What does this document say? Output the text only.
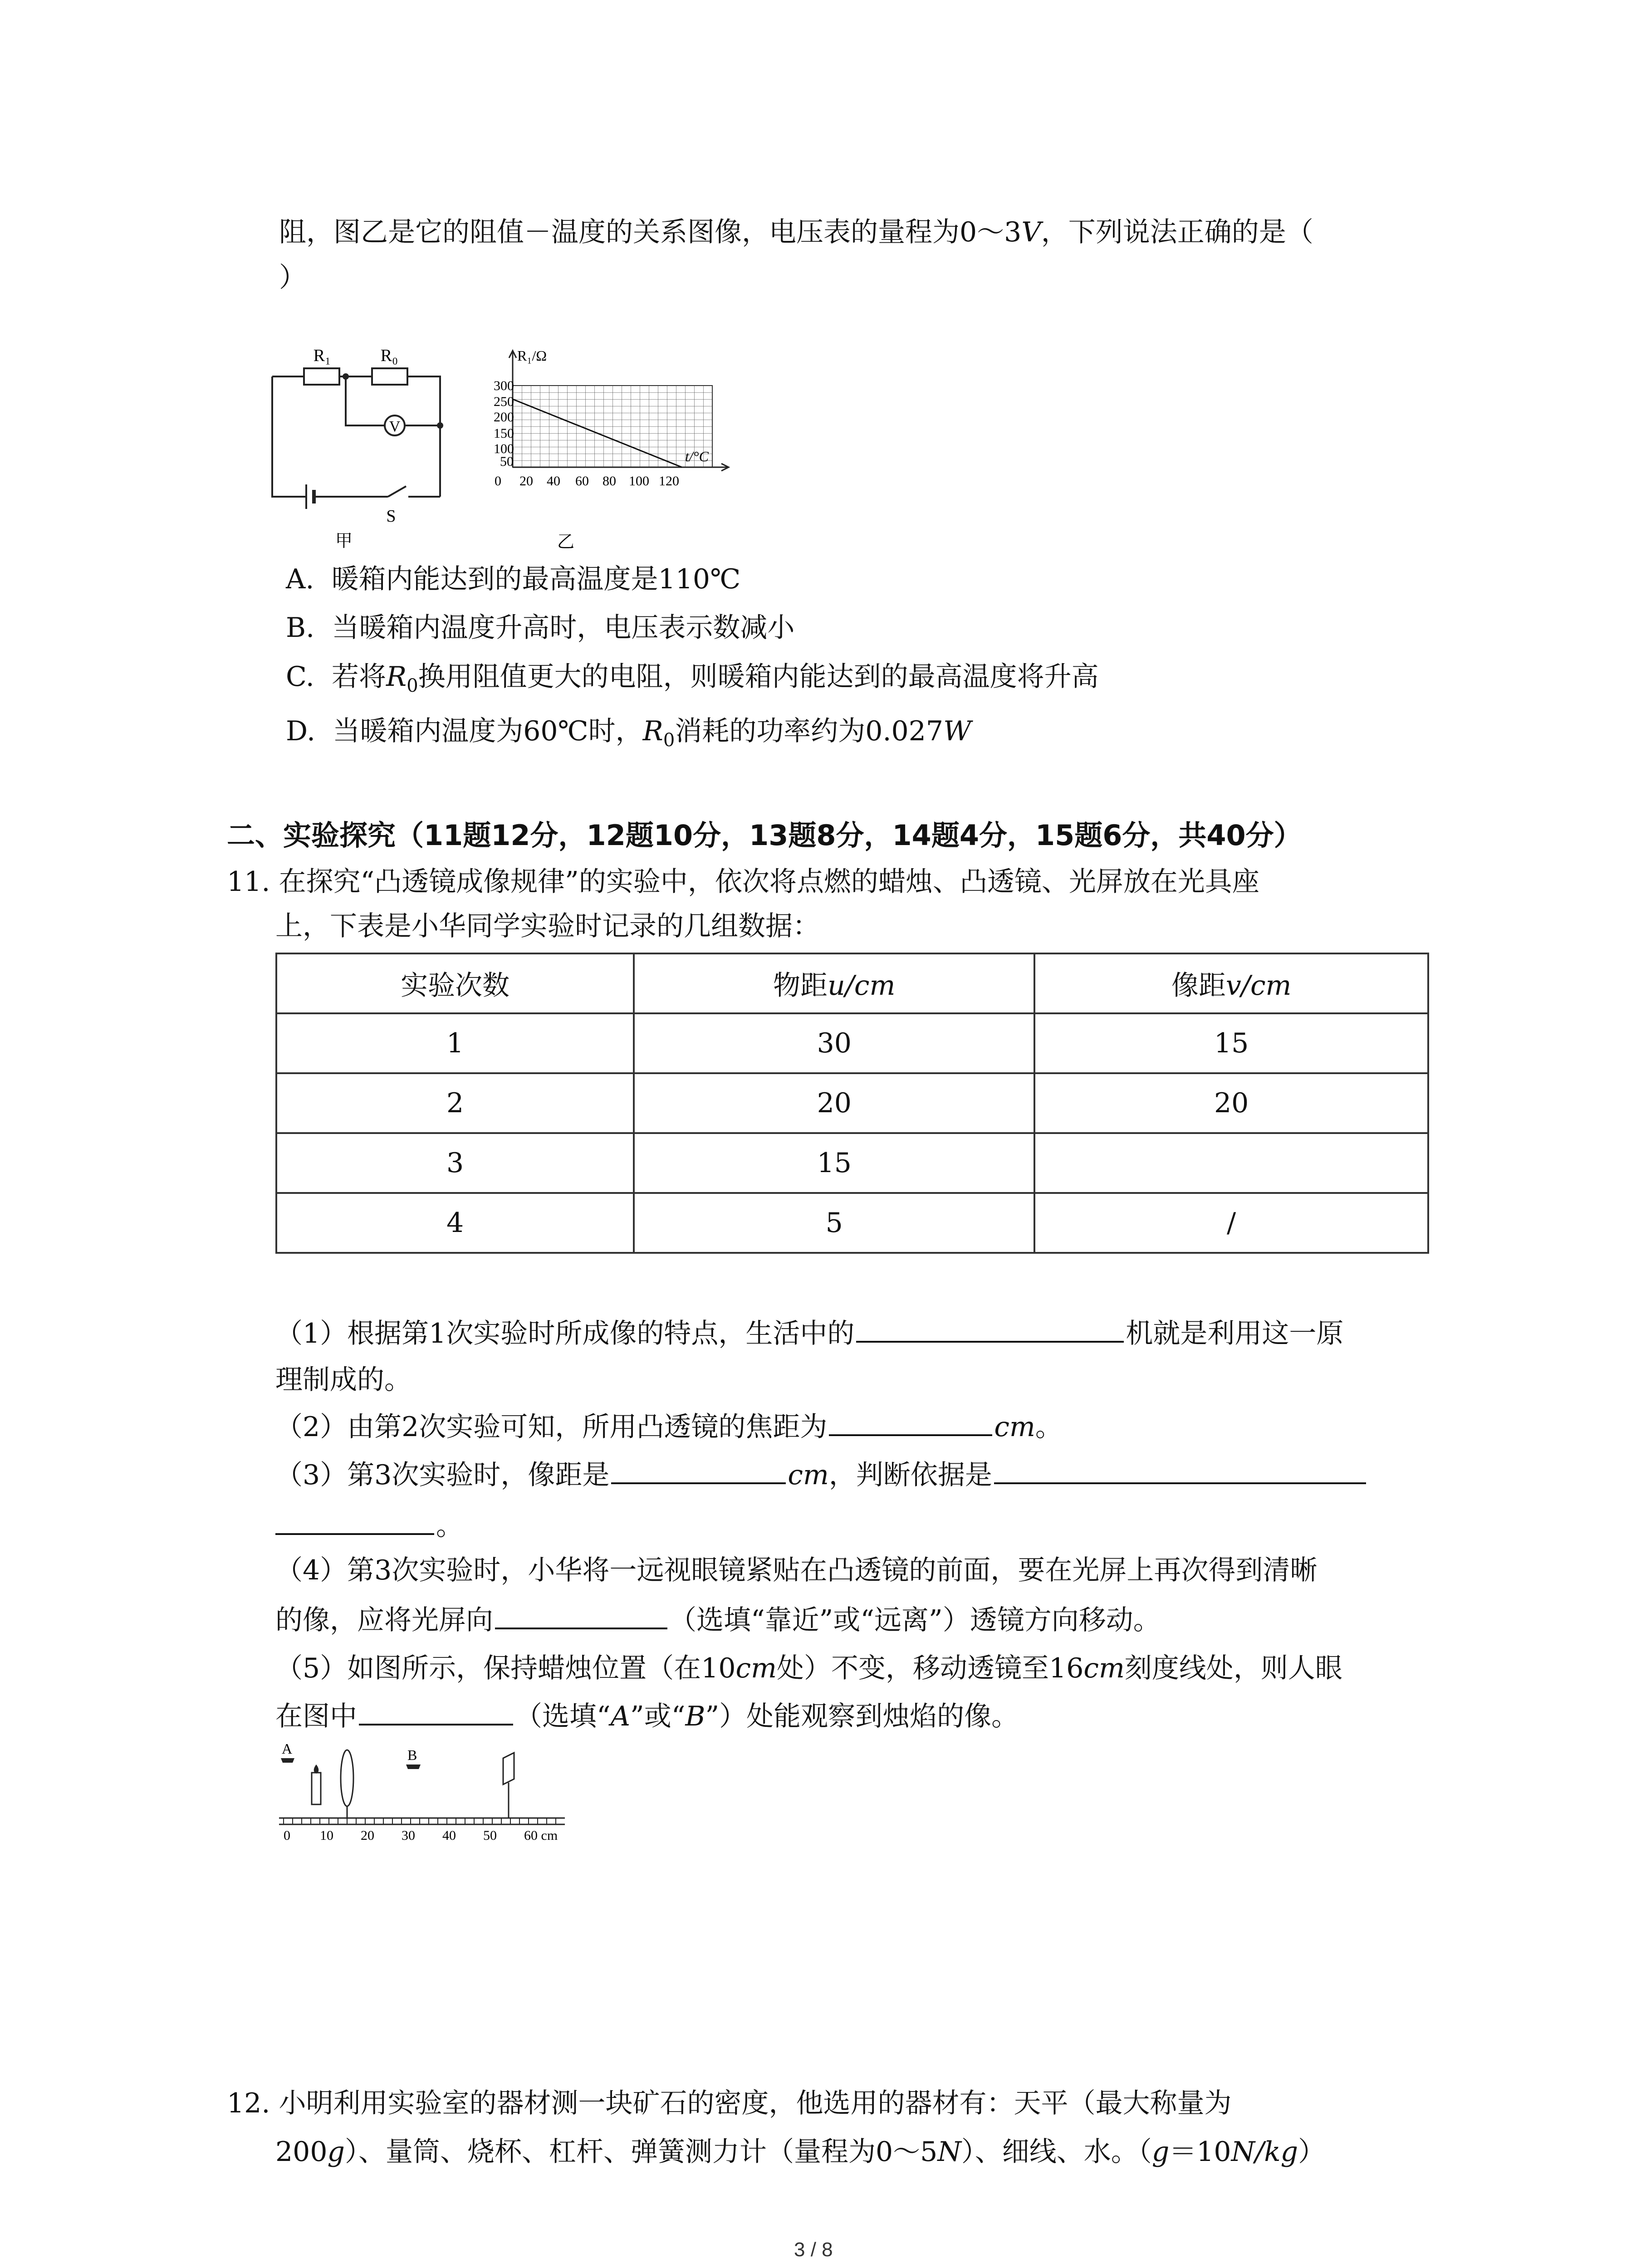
阻，图乙是它的阻值－温度的关系图像，电压表的量程为0～3V，下列说法正确的是（
）
R₁	R₀
V
S
甲
R₁/Ω
t/°C
300
250
200
150
100
50
0 20 40 60 80 100 120
乙
A. 暖箱内能达到的最高温度是110℃
B. 当暖箱内温度升高时，电压表示数减小
C. 若将$R_0$换用阻值更大的电阻，则暖箱内能达到的最高温度将升高
D. 当暖箱内温度为60℃时，$R_0$消耗的功率约为0.027W
二、实验探究（11题12分，12题10分，13题8分，14题4分，15题6分，共40分）
11. 在探究“凸透镜成像规律”的实验中，依次将点燃的蜡烛、凸透镜、光屏放在光具座
上，下表是小华同学实验时记录的几组数据：
实验次数	物距u/cm	像距v/cm
1	30	15
2	20	20
3	15	
4	5	/
（1）根据第1次实验时所成像的特点，生活中的	机就是利用这一原
理制成的。
（2）由第2次实验可知，所用凸透镜的焦距为	cm。
（3）第3次实验时，像距是	cm，判断依据是
。
（4）第3次实验时，小华将一远视眼镜紧贴在凸透镜的前面，要在光屏上再次得到清晰
的像，应将光屏向	（选填“靠近”或“远离”）透镜方向移动。
（5）如图所示，保持蜡烛位置（在10cm处）不变，移动透镜至16cm刻度线处，则人眼
在图中	（选填“A”或“B”）处能观察到烛焰的像。
A	B
0 10 20 30 40 50 60 cm
12. 小明利用实验室的器材测一块矿石的密度，他选用的器材有：天平（最大称量为
200g）、量筒、烧杯、杠杆、弹簧测力计（量程为0～5N）、细线、水。（g＝10N/kg）
3 / 8
